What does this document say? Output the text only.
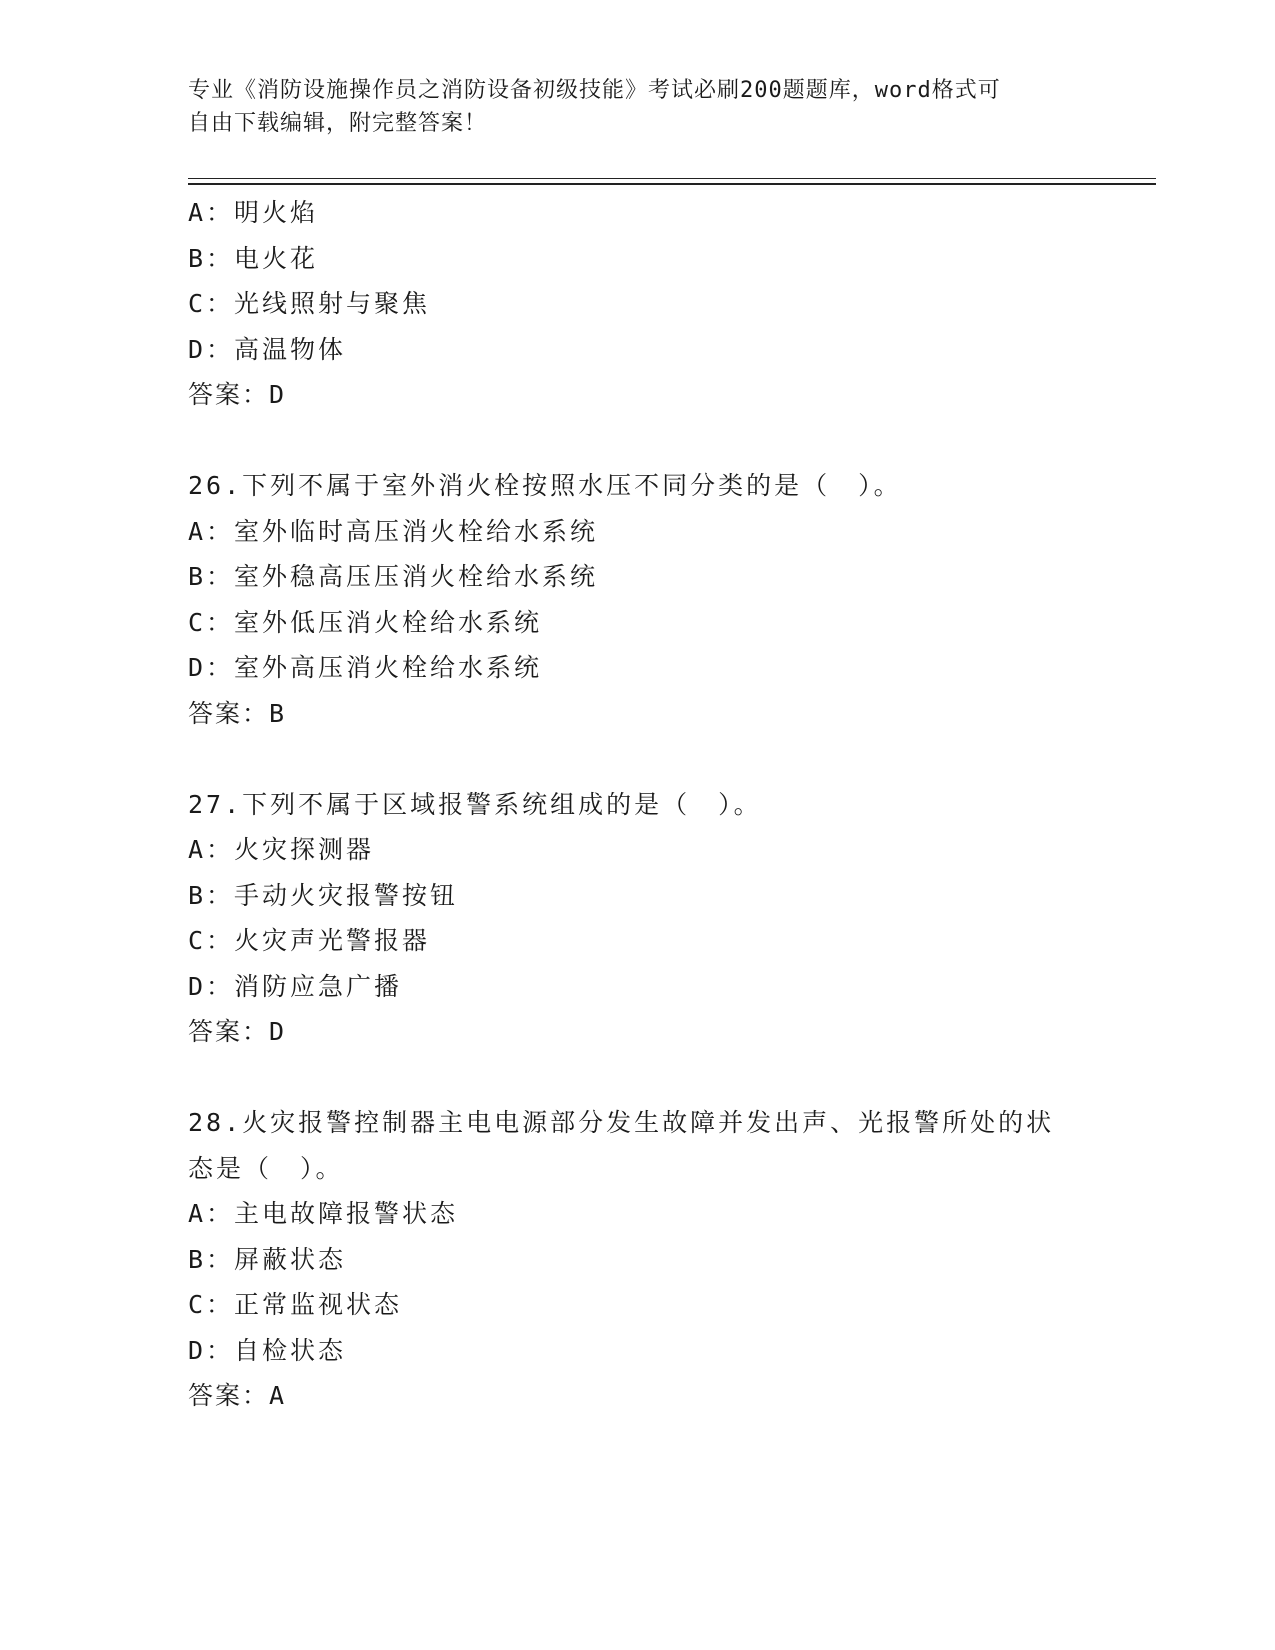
专业《消防设施操作员之消防设备初级技能》考试必刷200题题库，word格式可
自由下载编辑，附完整答案！
A：明火焰
B：电火花
C：光线照射与聚焦
D：高温物体
答案：D
26.下列不属于室外消火栓按照水压不同分类的是（　）。
A：室外临时高压消火栓给水系统
B：室外稳高压压消火栓给水系统
C：室外低压消火栓给水系统
D：室外高压消火栓给水系统
答案：B
27.下列不属于区域报警系统组成的是（　）。
A：火灾探测器
B：手动火灾报警按钮
C：火灾声光警报器
D：消防应急广播
答案：D
28.火灾报警控制器主电电源部分发生故障并发出声、光报警所处的状
态是（　）。
A：主电故障报警状态
B：屏蔽状态
C：正常监视状态
D：自检状态
答案：A
